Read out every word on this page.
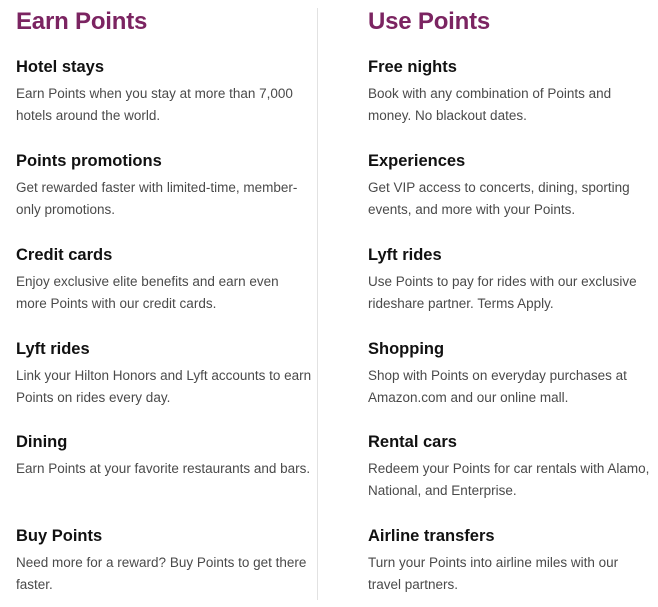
Earn Points
Hotel stays

Earn Points when you stay at more than 7,000 hotels around the world.

Points promotions

Get rewarded faster with limited-time, member-only promotions.

Credit cards

Enjoy exclusive elite benefits and earn even more Points with our credit cards.

Lyft rides

Link your Hilton Honors and Lyft accounts to earn Points on rides every day.

Dining

Earn Points at your favorite restaurants and bars.

Buy Points

Need more for a reward? Buy Points to get there faster.

Use Points
Free nights

Book with any combination of Points and money. No blackout dates.

Experiences

Get VIP access to concerts, dining, sporting events, and more with your Points.

Lyft rides

Use Points to pay for rides with our exclusive rideshare partner. Terms Apply.

Shopping

Shop with Points on everyday purchases at Amazon.com and our online mall.

Rental cars

Redeem your Points for car rentals with Alamo, National, and Enterprise.

Airline transfers

Turn your Points into airline miles with our travel partners.
